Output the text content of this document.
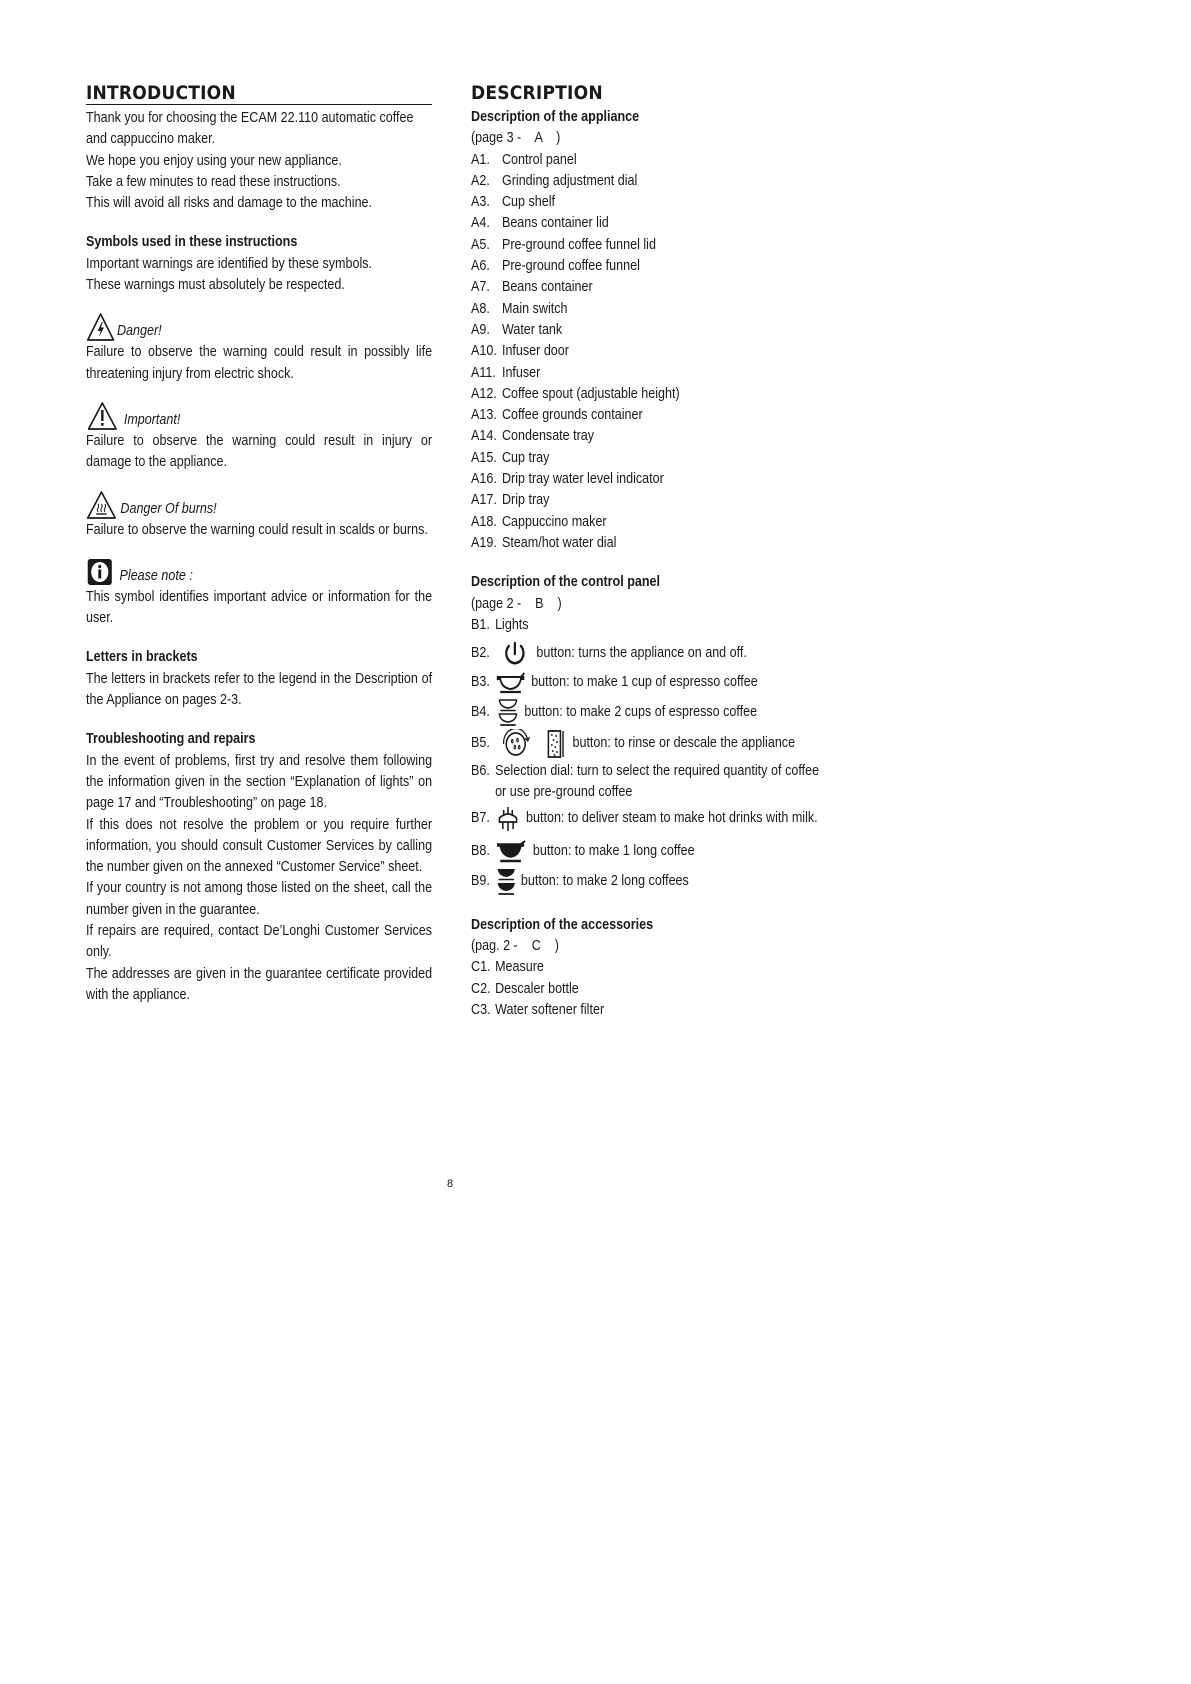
INTRODUCTION

Thank you for choosing the ECAM 22.110 automatic coffee and cappuccino maker.

We hope you enjoy using your new appliance.

Take a few minutes to read these instructions.

This will avoid all risks and damage to the machine.

Symbols used in these instructions

Important warnings are identified by these symbols.

These warnings must absolutely be respected.

Danger!

Failure to observe the warning could result in possibly life threatening injury from electric shock.

Important!

Failure to observe the warning could result in injury or damage to the appliance.

Danger Of burns!

Failure to observe the warning could result in scalds or burns.

Please note :

This symbol identifies important advice or information for the user.

Letters in brackets

The letters in brackets refer to the legend in the Description of the Appliance on pages 2-3.

Troubleshooting and repairs

In the event of problems, first try and resolve them following the information given in the section “Explanation of lights” on page 17 and “Troubleshooting” on page 18.

If this does not resolve the problem or you require further information, you should consult Customer Services by calling the number given on the annexed “Customer Service” sheet.

If your country is not among those listed on the sheet, call the number given in the guarantee.

If repairs are required, contact De’Longhi Customer Services only.

The addresses are given in the guarantee certificate provided with the appliance.

DESCRIPTION

Description of the appliance

(page 3 -    A    )

A1. Control panel
A2. Grinding adjustment dial
A3. Cup shelf
A4. Beans container lid
A5. Pre-ground coffee funnel lid
A6. Pre-ground coffee funnel
A7. Beans container
A8. Main switch
A9. Water tank
A10. Infuser door
A11. Infuser
A12. Coffee spout (adjustable height)
A13. Coffee grounds container
A14. Condensate tray
A15. Cup tray
A16. Drip tray water level indicator
A17. Drip tray
A18. Cappuccino maker
A19. Steam/hot water dial

Description of the control panel

(page 2 -    B    )

B1. Lights
B2.	button: turns the appliance on and off.
B3.	button: to make 1 cup of espresso coffee
B4.	button: to make 2 cups of espresso coffee
B5.	button: to rinse or descale the appliance
B6. Selection dial: turn to select the required quantity of coffee or use pre-ground coffee
B7.	button: to deliver steam to make hot drinks with milk.
B8.	button: to make 1 long coffee
B9.	button: to make 2 long coffees

Description of the accessories

(pag. 2 -    C    )

C1. Measure
C2. Descaler bottle
C3. Water softener filter
8
